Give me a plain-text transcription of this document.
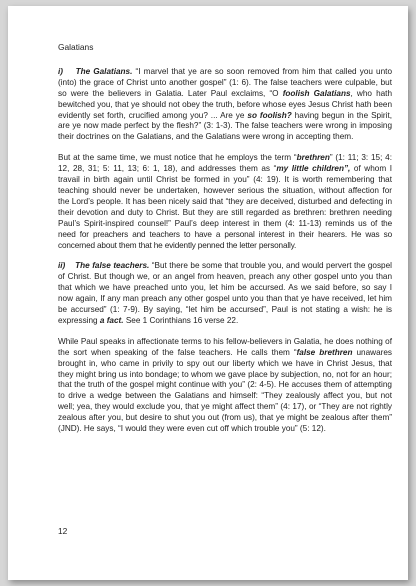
Galatians

i) The Galatians. “I marvel that ye are so soon removed from him that called you unto (into) the grace of Christ unto another gospel” (1: 6). The false teachers were culpable, but so were the believers in Galatia. Later Paul exclaims, “O foolish Galatians, who hath bewitched you, that ye should not obey the truth, before whose eyes Jesus Christ hath been evidently set forth, crucified among you? ... Are ye so foolish? having begun in the Spirit, are ye now made perfect by the flesh?” (3: 1-3). The false teachers were wrong in imposing their doctrines on the Galatians, and the Galatians were wrong in accepting them.

But at the same time, we must notice that he employs the term “brethren” (1: 11; 3: 15; 4: 12, 28, 31; 5: 11, 13; 6: 1, 18), and addresses them as “my little children”, of whom I travail in birth again until Christ be formed in you” (4: 19). It is worth remembering that teaching should never be undertaken, however serious the situation, without affection for the Lord’s people. It has been nicely said that “they are deceived, disturbed and defecting in their devotion and duty to Christ. But they are still regarded as brethren: brethren needing Paul’s Spirit-inspired counsel!” Paul’s deep interest in them (4: 11-13) reminds us of the need for preachers and teachers to have a personal interest in their hearers. He was so concerned about them that he evidently penned the letter personally.

ii) The false teachers. “But there be some that trouble you, and would pervert the gospel of Christ. But though we, or an angel from heaven, preach any other gospel unto you than that which we have preached unto you, let him be accursed. As we said before, so say I now again, If any man preach any other gospel unto you than that ye have received, let him be accursed” (1: 7-9). By saying, “let him be accursed”, Paul is not stating a wish: he is expressing a fact. See 1 Corinthians 16 verse 22.

While Paul speaks in affectionate terms to his fellow-believers in Galatia, he does nothing of the sort when speaking of the false teachers. He calls them “false brethren unawares brought in, who came in privily to spy out our liberty which we have in Christ Jesus, that they might bring us into bondage; to whom we gave place by subjection, no, not for an hour; that the truth of the gospel might continue with you” (2: 4-5). He accuses them of attempting to drive a wedge between the Galatians and himself: “They zealously affect you, but not well; yea, they would exclude you, that ye might affect them” (4: 17), or “They are not rightly zealous after you, but desire to shut you out (from us), that ye might be zealous after them” (JND). He says, “I would they were even cut off which trouble you” (5: 12).

12
